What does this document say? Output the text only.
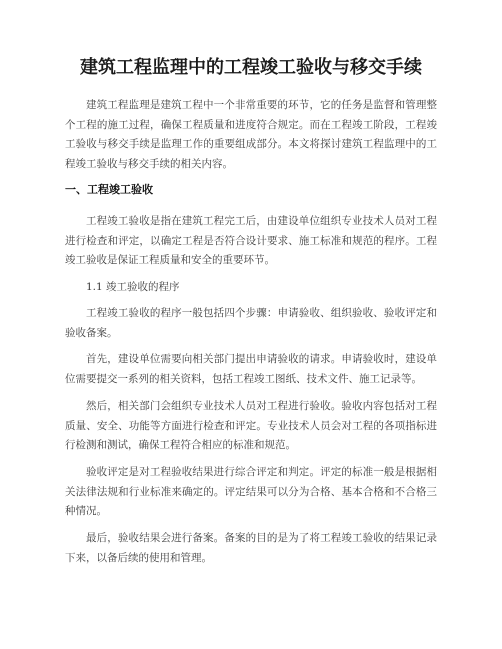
建筑工程监理中的工程竣工验收与移交手续

建筑工程监理是建筑工程中一个非常重要的环节，它的任务是监督和管理整个工程的施工过程，确保工程质量和进度符合规定。而在工程竣工阶段，工程竣工验收与移交手续是监理工作的重要组成部分。本文将探讨建筑工程监理中的工程竣工验收与移交手续的相关内容。

一、工程竣工验收

工程竣工验收是指在建筑工程完工后，由建设单位组织专业技术人员对工程进行检查和评定，以确定工程是否符合设计要求、施工标准和规范的程序。工程竣工验收是保证工程质量和安全的重要环节。

1.1 竣工验收的程序

工程竣工验收的程序一般包括四个步骤：申请验收、组织验收、验收评定和验收备案。

首先，建设单位需要向相关部门提出申请验收的请求。申请验收时，建设单位需要提交一系列的相关资料，包括工程竣工图纸、技术文件、施工记录等。

然后，相关部门会组织专业技术人员对工程进行验收。验收内容包括对工程质量、安全、功能等方面进行检查和评定。专业技术人员会对工程的各项指标进行检测和测试，确保工程符合相应的标准和规范。

验收评定是对工程验收结果进行综合评定和判定。评定的标准一般是根据相关法律法规和行业标准来确定的。评定结果可以分为合格、基本合格和不合格三种情况。

最后，验收结果会进行备案。备案的目的是为了将工程竣工验收的结果记录下来，以备后续的使用和管理。
